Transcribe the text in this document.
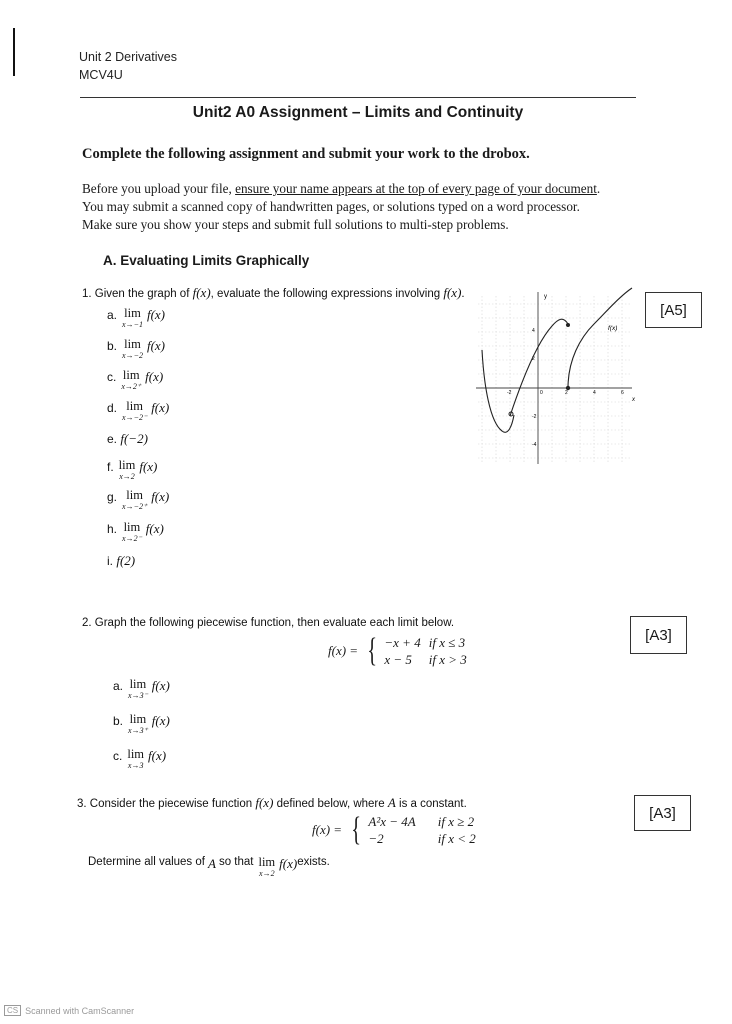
Unit 2 Derivatives
MCV4U
Unit2 A0 Assignment – Limits and Continuity
Complete the following assignment and submit your work to the drobox.
Before you upload your file, ensure your name appears at the top of every page of your document.
You may submit a scanned copy of handwritten pages, or solutions typed on a word processor.
Make sure you show your steps and submit full solutions to multi-step problems.
A. Evaluating Limits Graphically
1. Given the graph of f(x), evaluate the following expressions involving f(x).
[A5]
a. lim
x→−1
f(x)
b. lim
x→−2
f(x)
c. lim
x→2⁺
f(x)
d. lim
x→−2⁻
f(x)
e. f(−2)
f. lim
x→2
f(x)
g. lim
x→−2⁺
f(x)
h. lim
x→2⁻
f(x)
i. f(2)
y
x
f(x)
-2	0	2	4	6
4
2
-2
-4
2. Graph the following piecewise function, then evaluate each limit below.
[A3]
f(x) = { −x + 4	if x ≤ 3
x − 5	if x > 3
a. lim
x→3⁻
f(x)
b. lim
x→3⁺
f(x)
c. lim
x→3
f(x)
3. Consider the piecewise function f(x) defined below, where A is a constant.
[A3]
f(x) = { A²x − 4A	if x ≥ 2
−2	if x < 2
Determine all values of A so that lim
x→2
f(x) exists.
CS Scanned with CamScanner
